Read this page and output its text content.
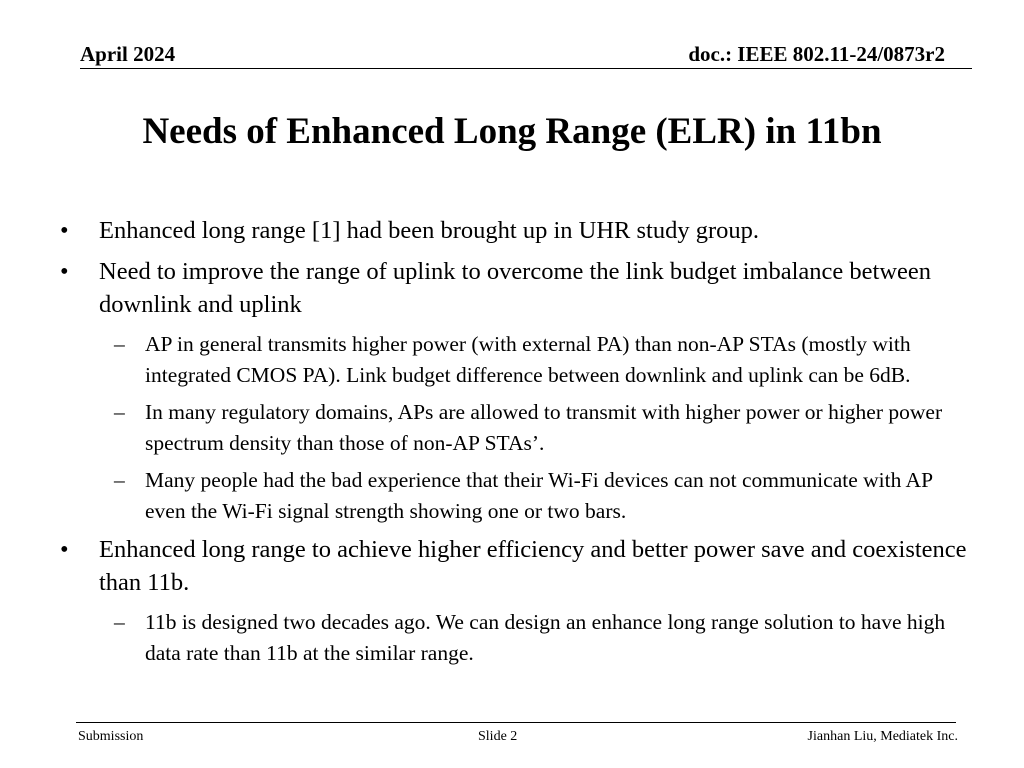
April 2024	doc.: IEEE 802.11-24/0873r2
Needs of Enhanced Long Range (ELR) in 11bn
• Enhanced long range [1] had been brought up in UHR study group.
• Need to improve the range of uplink to overcome the link budget imbalance between downlink and uplink
– AP in general transmits higher power (with external PA) than non-AP STAs (mostly with integrated CMOS PA). Link budget difference between downlink and uplink can be 6dB.
– In many regulatory domains, APs are allowed to transmit with higher power or higher power spectrum density than those of non-AP STAs’.
– Many people had the bad experience that their Wi-Fi devices can not communicate with AP even the Wi-Fi signal strength showing one or two bars.
• Enhanced long range to achieve higher efficiency and better power save and coexistence than 11b.
– 11b is designed two decades ago. We can design an enhance long range solution to have high data rate than 11b at the similar range.
Submission	Slide 2	Jianhan Liu, Mediatek Inc.
